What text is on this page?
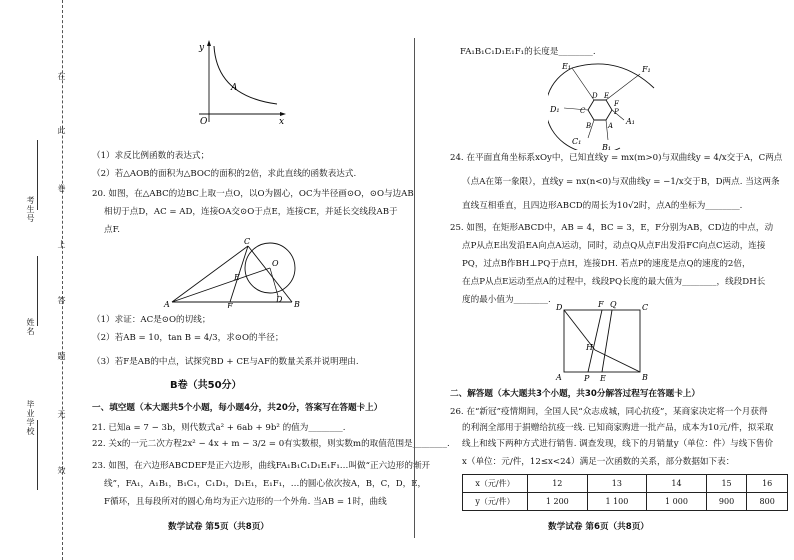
在
此
卷
上
答
题
无
效
考生号
姓名
毕业学校
y
x
O
A
（1）求反比例函数的表达式；
（2）若△AOB的面积为△BOC的面积的2倍，求此直线的函数表达式.
20. 如图，在△ABC的边BC上取一点O，以O为圆心，OC为半径画⊙O，⊙O与边AB
相切于点D，AC = AD，连接OA交⊙O于点E，连接CE，并延长交线段AB于
点F.
C
E
O
A	F
D
B
（1）求证：AC是⊙O的切线；
（2）若AB = 10，tan B = 4/3，求⊙O的半径；
（3）若F是AB的中点，试探究BD + CE与AF的数量关系并说明理由.
B卷（共50分）
一、填空题（本大题共5个小题，每小题4分，共20分，答案写在答题卡上）
21. 已知a = 7 − 3b，则代数式a² + 6ab + 9b² 的值为________.
22. 关x的一元二次方程2x² − 4x + m − 3/2 = 0有实数根，则实数m的取值范围是________.
23. 如图，在六边形ABCDEF是正六边形，曲线FA₁B₁C₁D₁E₁F₁…叫做“正六边形的渐开
线”，FA₁，A₁B₁，B₁C₁，C₁D₁，D₁E₁，E₁F₁，…的圆心依次按A，B，C，D，E，
F循环，且每段所对的圆心角均为正六边形的一个外角. 当AB = 1时，曲线
数学试卷 第5页（共8页）
FA₁B₁C₁D₁E₁F₁的长度是________.
E₁	F₁
D₁
D E
C
F
P
B A A₁
C₁
B₁
24. 在平面直角坐标系xOy中，已知直线y = mx(m>0)与双曲线y = 4/x交于A，C两点
（点A在第一象限），直线y = nx(n<0)与双曲线y = −1/x交于B，D两点. 当这两条
直线互相垂直，且四边形ABCD的周长为10√2时，点A的坐标为________.
25. 如图，在矩形ABCD中，AB = 4，BC = 3，E，F分别为AB，CD边的中点，动
点P从点E出发沿EA向点A运动，同时，动点Q从点F出发沿FC向点C运动，连接
PQ，过点B作BH⊥PQ于点H，连接DH. 若点P的速度是点Q的速度的2倍，
在点P从点E运动至点A的过程中，线段PQ长度的最大值为________，线段DH长
度的最小值为________.
D	F Q	C
H
A	P E	B
二、解答题（本大题共3个小题，共30分解答过程写在答题卡上）
26. 在“新冠”疫情期间，全国人民“众志成城，同心抗疫”，某商家决定将一个月获得
的利润全部用于捐赠给抗疫一线. 已知商家购进一批产品，成本为10元/件，拟采取
线上和线下两种方式进行销售. 调查发现，线下的月销量y（单位：件）与线下售价
x（单位：元/件，12≤x<24）满足一次函数的关系，部分数据如下表：
x（元/件）	12	13	14	15	16
y（元/件）	1 200	1 100	1 000	900	800
数学试卷 第6页（共8页）
